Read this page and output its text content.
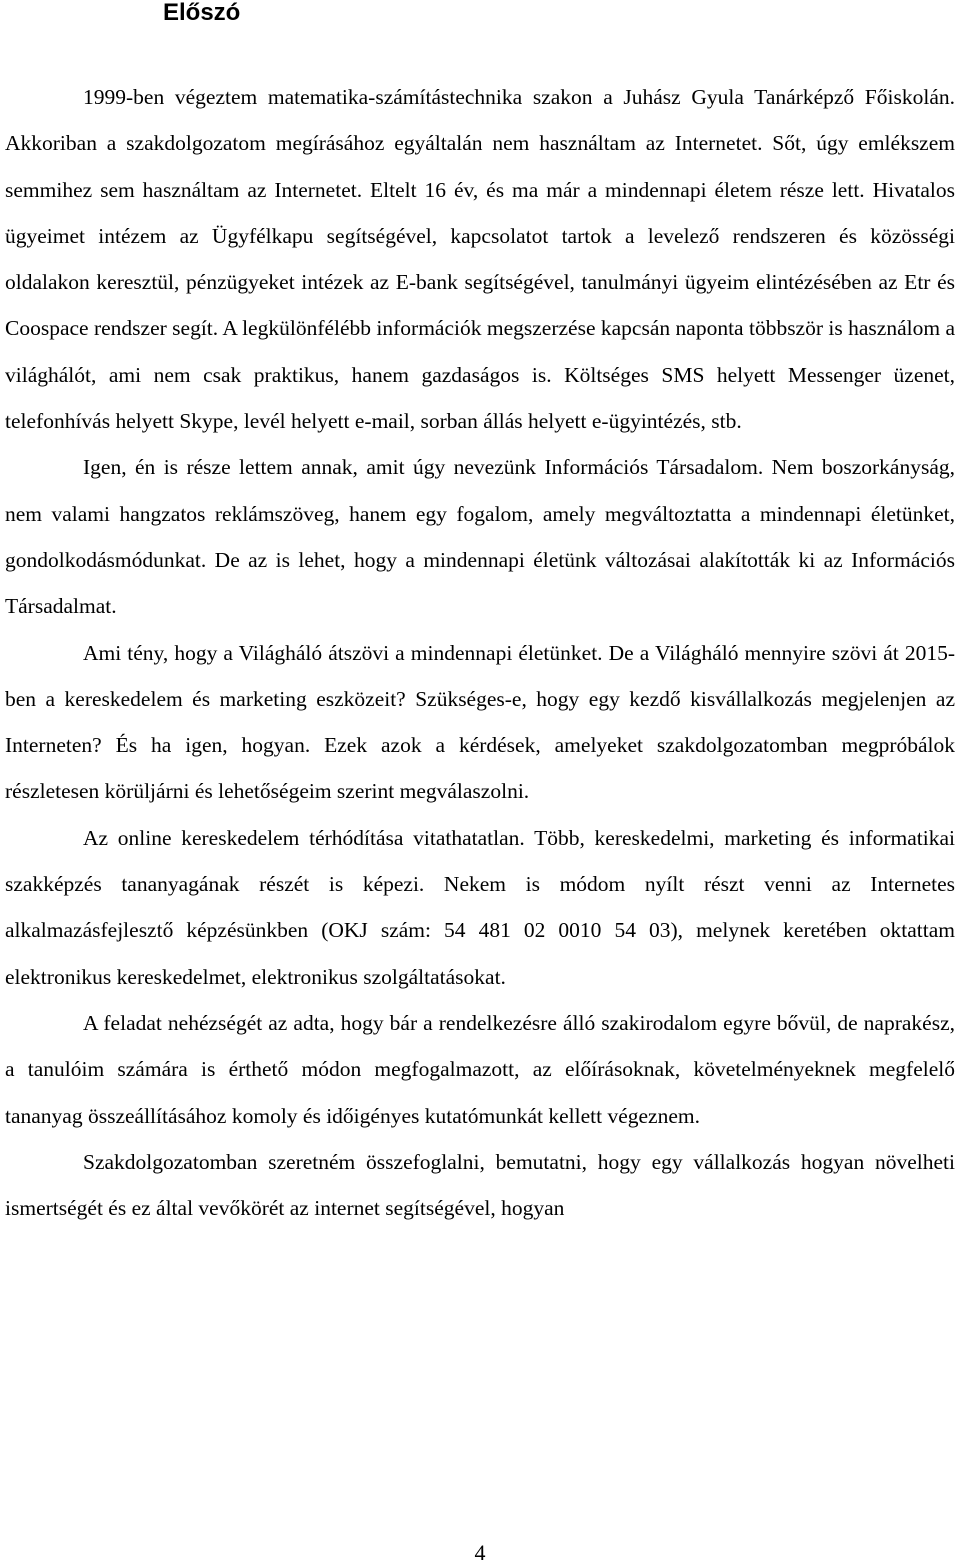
Előszó

1999-ben végeztem matematika-számítástechnika szakon a Juhász Gyula Tanárképző Főiskolán. Akkoriban a szakdolgozatom megírásához egyáltalán nem használtam az Internetet. Sőt, úgy emlékszem semmihez sem használtam az Internetet. Eltelt 16 év, és ma már a mindennapi életem része lett. Hivatalos ügyeimet intézem az Ügyfélkapu segítségével, kapcsolatot tartok a levelező rendszeren és közösségi oldalakon keresztül, pénzügyeket intézek az E-bank segítségével, tanulmányi ügyeim elintézésében az Etr és Coospace rendszer segít. A legkülönfélébb információk megszerzése kapcsán naponta többször is használom a világhálót, ami nem csak praktikus, hanem gazdaságos is. Költséges SMS helyett Messenger üzenet, telefonhívás helyett Skype, levél helyett e-mail, sorban állás helyett e-ügyintézés, stb.

Igen, én is része lettem annak, amit úgy nevezünk Információs Társadalom. Nem boszorkányság, nem valami hangzatos reklámszöveg, hanem egy fogalom, amely megváltoztatta a mindennapi életünket, gondolkodásmódunkat. De az is lehet, hogy a mindennapi életünk változásai alakították ki az Információs Társadalmat.

Ami tény, hogy a Világháló átszövi a mindennapi életünket. De a Világháló mennyire szövi át 2015-ben a kereskedelem és marketing eszközeit? Szükséges-e, hogy egy kezdő kisvállalkozás megjelenjen az Interneten? És ha igen, hogyan. Ezek azok a kérdések, amelyeket szakdolgozatomban megpróbálok részletesen körüljárni és lehetőségeim szerint megválaszolni.

Az online kereskedelem térhódítása vitathatatlan. Több, kereskedelmi, marketing és informatikai szakképzés tananyagának részét is képezi. Nekem is módom nyílt részt venni az Internetes alkalmazásfejlesztő képzésünkben (OKJ szám: 54 481 02 0010 54 03), melynek keretében oktattam elektronikus kereskedelmet, elektronikus szolgáltatásokat.

A feladat nehézségét az adta, hogy bár a rendelkezésre álló szakirodalom egyre bővül, de naprakész, a tanulóim számára is érthető módon megfogalmazott, az előírásoknak, követelményeknek megfelelő tananyag összeállításához komoly és időigényes kutatómunkát kellett végeznem.

Szakdolgozatomban szeretném összefoglalni, bemutatni, hogy egy vállalkozás hogyan növelheti ismertségét és ez által vevőkörét az internet segítségével, hogyan

4
